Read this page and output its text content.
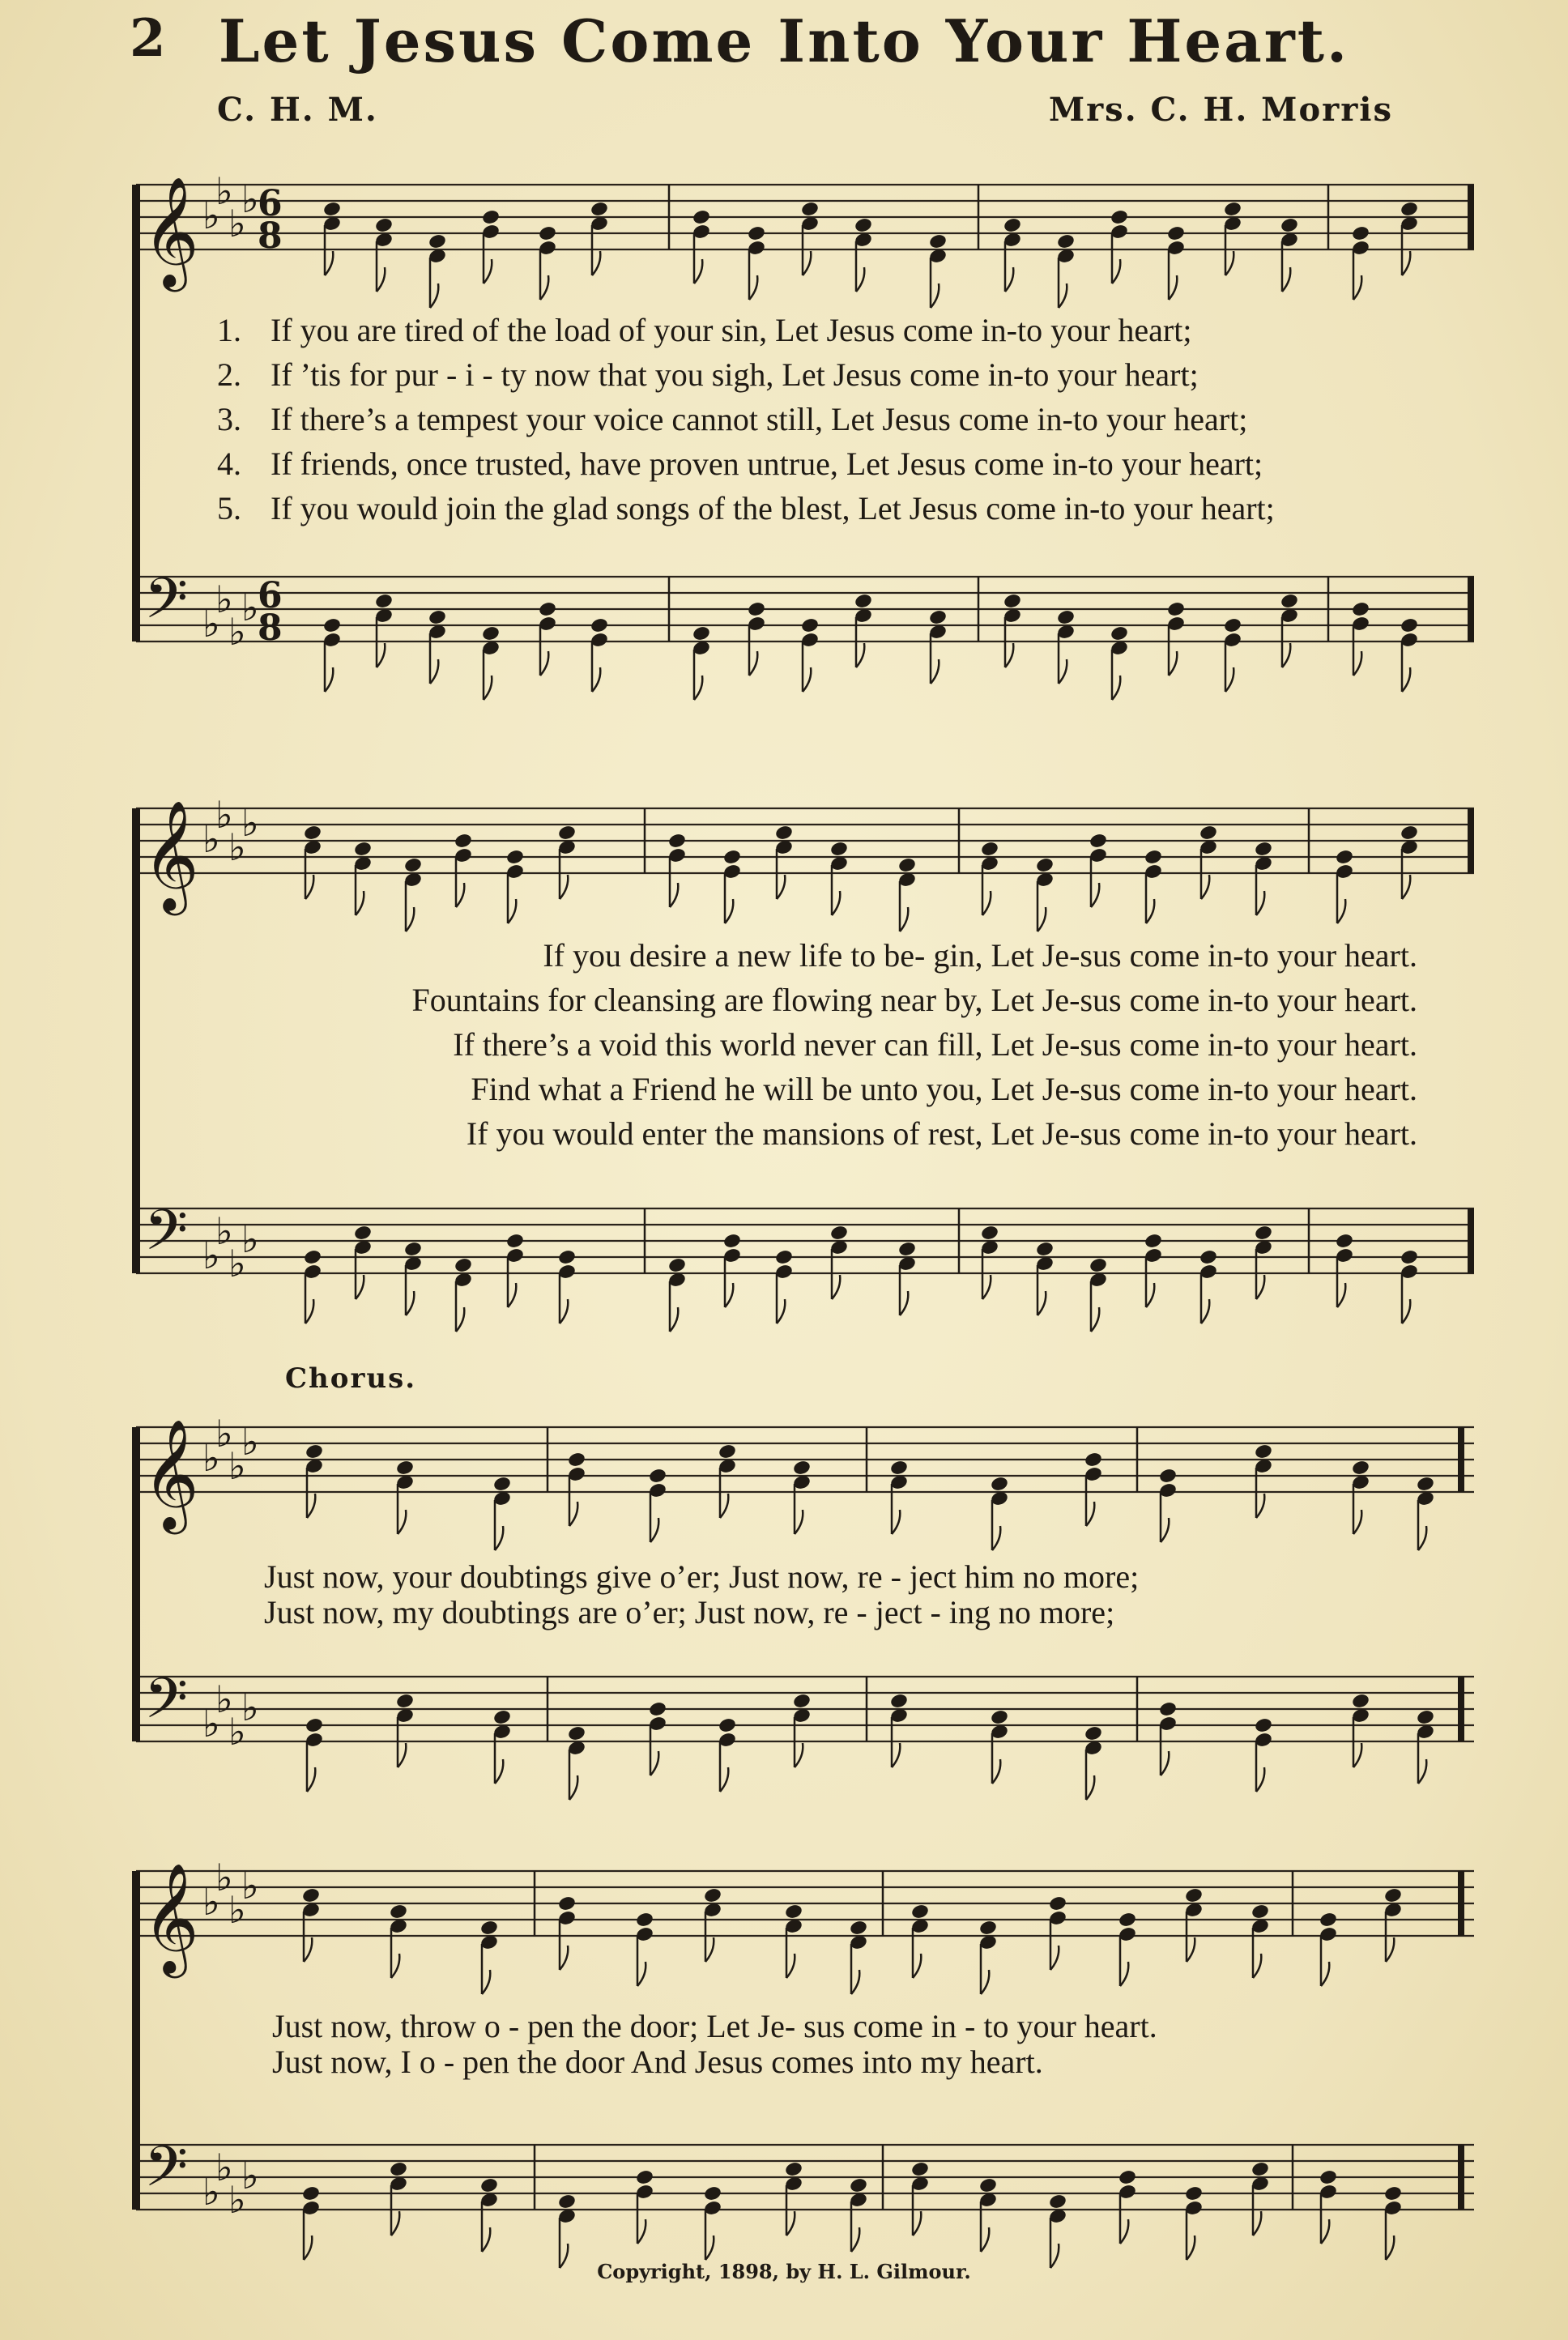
𝄞 ♭
♭
♭
♭
6
8
𝄢 ♭
♭
♭
♭
6
8
𝄞 ♭
♭
♭
♭
𝄢 ♭
♭
♭
♭
𝄞 ♭
♭
♭
♭
𝄢 ♭
♭
♭
♭
𝄞 ♭
♭
♭
♭
𝄢 ♭
♭
♭
♭
2 Let Jesus Come Into Your Heart.
C. H. M.	Mrs. C. H. Morris
1. If you are tired of the load of your sin, Let Jesus come in-to your heart;
2. If ’tis for pur - i - ty now that you sigh, Let Jesus come in-to your heart;
3. If there’s a tempest your voice cannot still, Let Jesus come in-to your heart;
4. If friends, once trusted, have proven untrue, Let Jesus come in-to your heart;
5. If you would join the glad songs of the blest, Let Jesus come in-to your heart;
If you desire a new life to be- gin, Let Je-sus come in-to your heart.
Fountains for cleansing are flowing near by, Let Je-sus come in-to your heart.
If there’s a void this world never can fill, Let Je-sus come in-to your heart.
Find what a Friend he will be unto you, Let Je-sus come in-to your heart.
If you would enter the mansions of rest, Let Je-sus come in-to your heart.
Chorus.
Just now, your doubtings give o’er; Just now, re - ject him no more;
Just now, my doubtings are o’er; Just now, re - ject - ing no more;
Just now, throw o - pen the door; Let Je- sus come in - to your heart.
Just now, I o - pen the door And Jesus comes into my heart.
Copyright, 1898, by H. L. Gilmour.
